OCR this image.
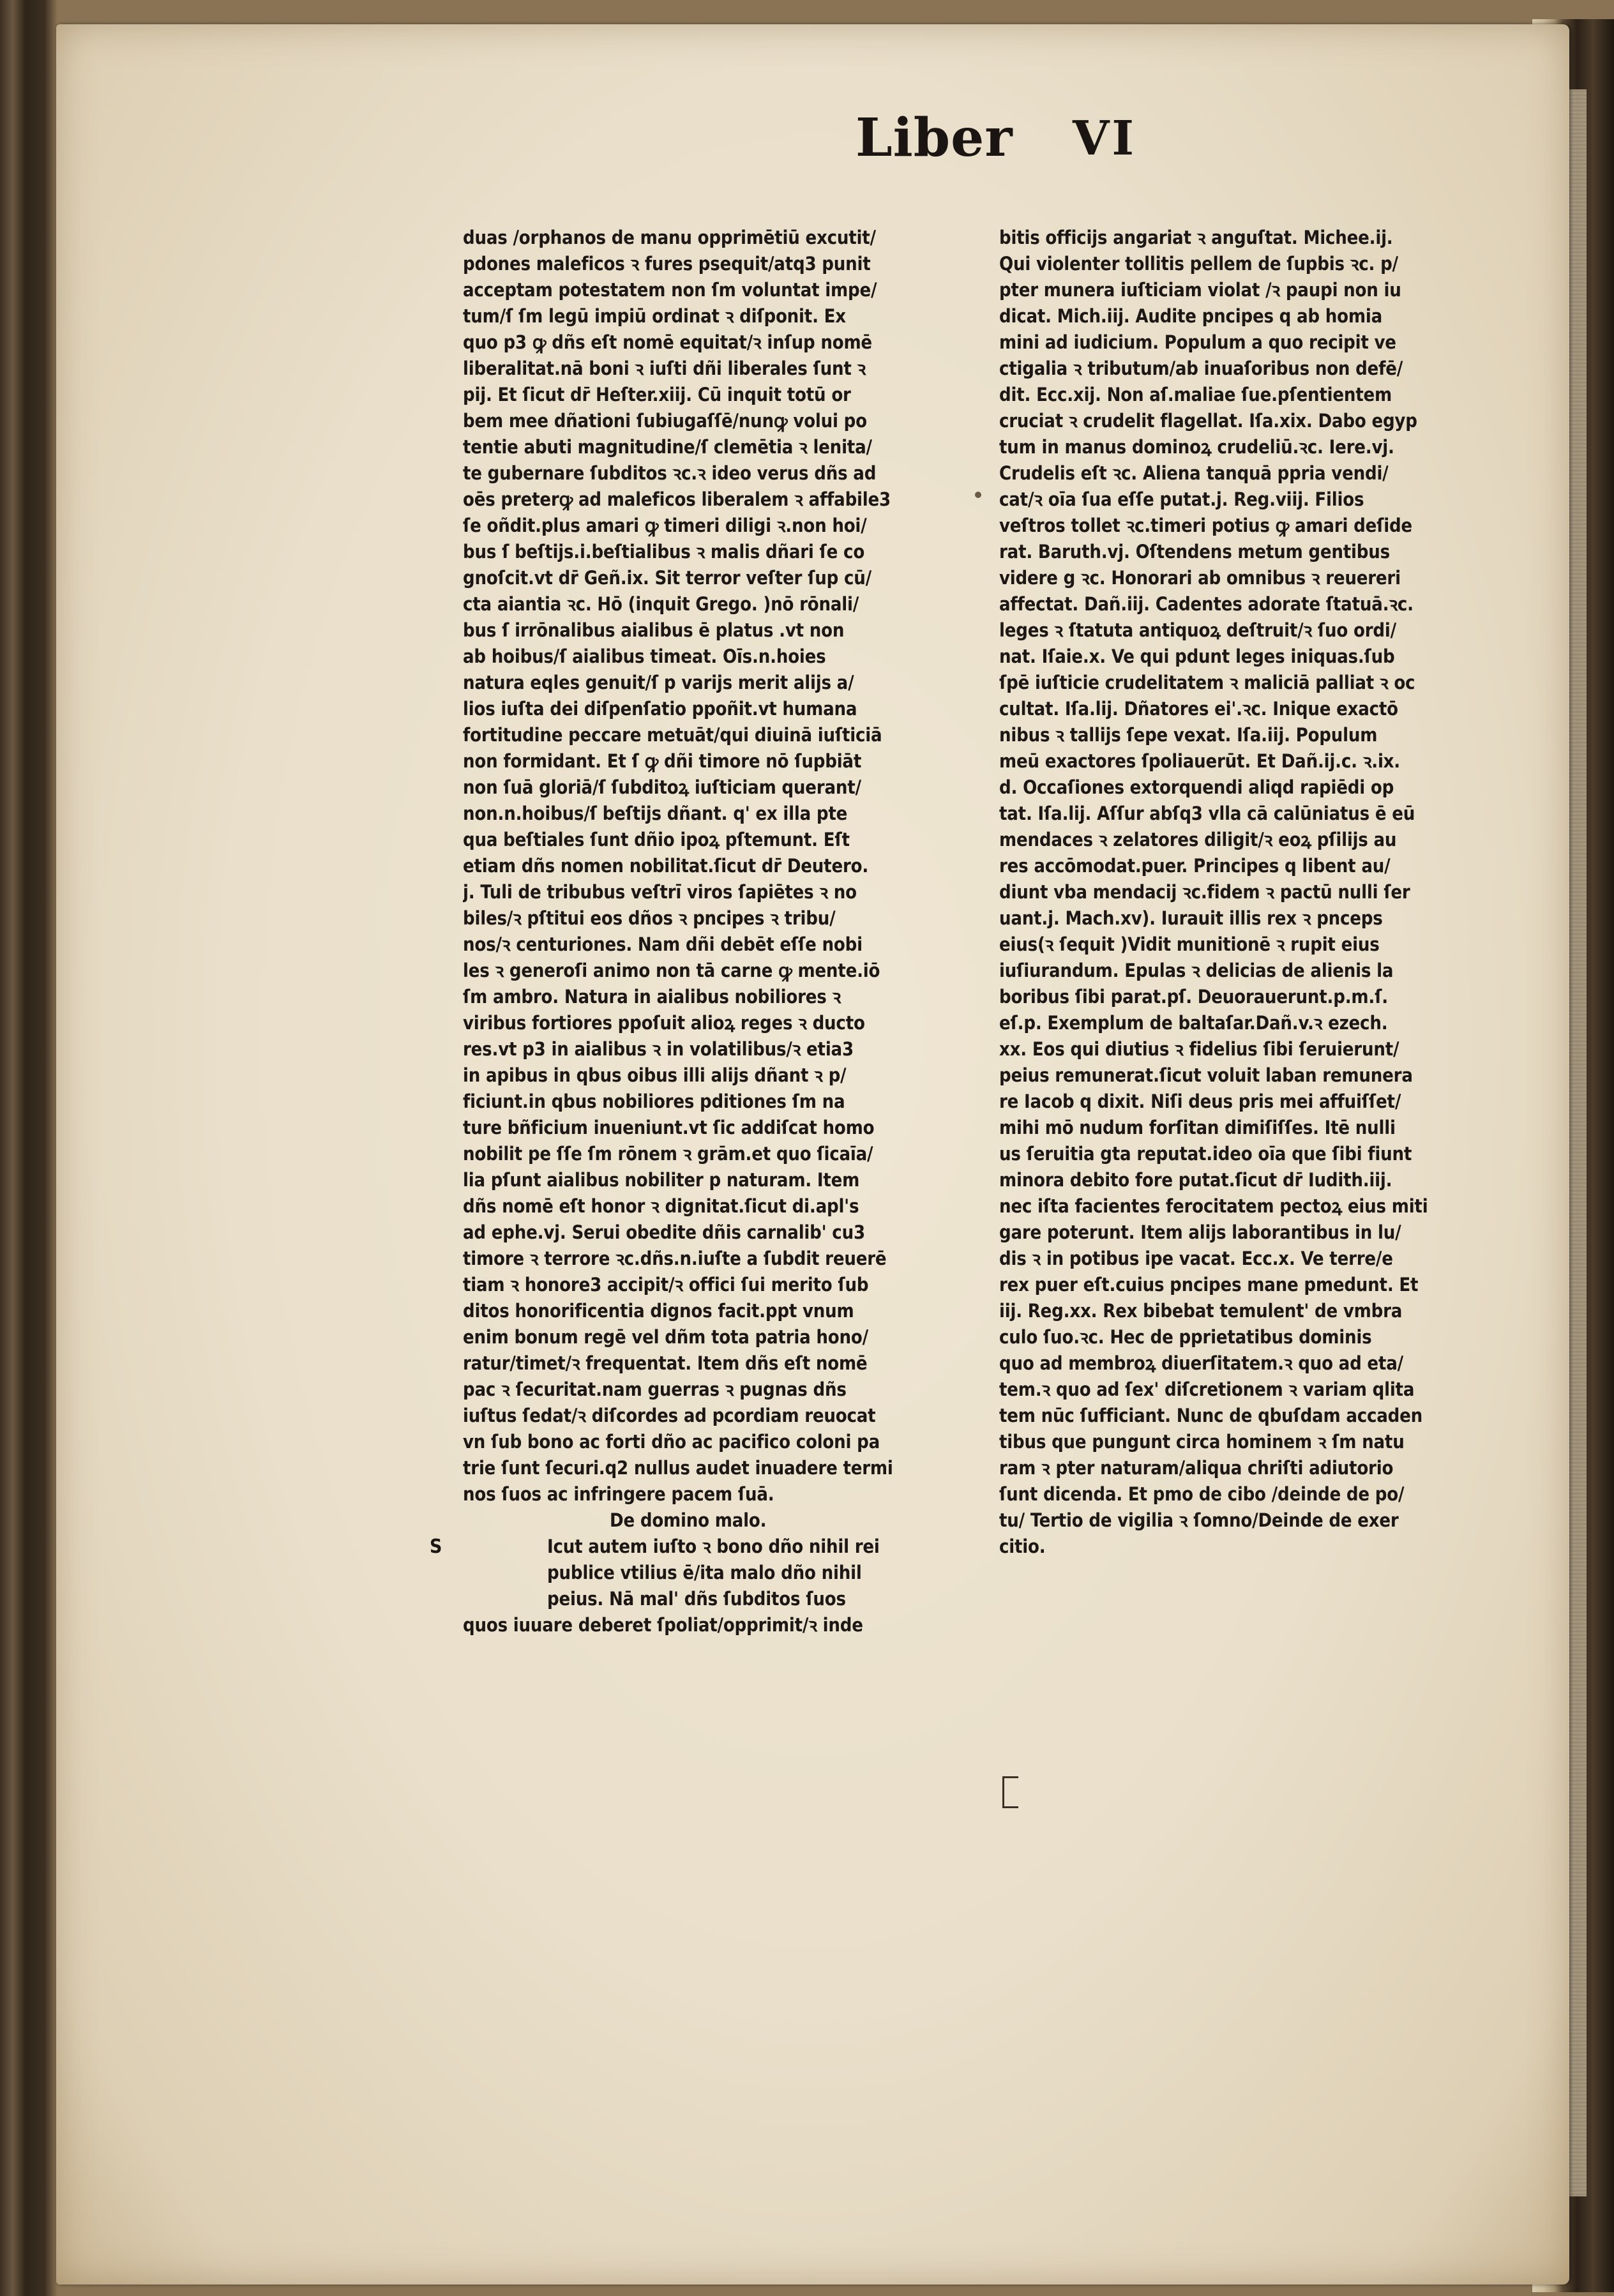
Liber VI
duas /orphanos de manu opprimētiū excutit/
pdones maleficos ꝛ fures psequit/atq3 punit
acceptam potestatem non ſm voluntat impe/
tum/ſ ſm legū impiū ordinat ꝛ diſponit. Ex
quo p3 ꝙ dñs eſt nomē equitat/ꝛ inſup nomē
liberalitat.nā boni ꝛ iuſti dñi liberales ſunt ꝛ
pij. Et ſicut dr̄ Heſter.xiij. Cū inquit totū or
bem mee dñationi ſubiugaſſē/nunꝙ volui po
tentie abuti magnitudine/ſ clemētia ꝛ lenita/
te gubernare ſubditos ꝛc.ꝛ ideo verus dñs ad
oēs preterꝙ ad maleficos liberalem ꝛ affabile3
ſe oñdit.plus amari ꝙ timeri diligi ꝛ.non hoi/
bus ſ beſtijs.i.beſtialibus ꝛ malis dñari ſe co
gnoſcit.vt dr̄ Geñ.ix. Sit terror veſter ſup cū/
cta aiantia ꝛc. Hō (inquit Grego. )nō rōnali/
bus ſ irrōnalibus aialibus ē platus .vt non
ab hoibus/ſ aialibus timeat. Oīs.n.hoies
natura eqles genuit/ſ p varijs merit alijs a/
lios iuſta dei diſpenſatio ppoñit.vt humana
fortitudine peccare metuāt/qui diuinā iuſticiā
non formidant. Et ſ ꝙ dñi timore nō ſupbiāt
non ſuā gloriā/ſ ſubditoꝝ iuſticiam querant/
non.n.hoibus/ſ beſtijs dñant. q' ex illa pte
qua beſtiales ſunt dñio ipoꝝ pſtemunt. Eſt
etiam dñs nomen nobilitat.ſicut dr̄ Deutero.
j. Tuli de tribubus veſtrī viros ſapiētes ꝛ no
biles/ꝛ pſtitui eos dños ꝛ pncipes ꝛ tribu/
nos/ꝛ centuriones. Nam dñi debēt eſſe nobi
les ꝛ generoſi animo non tā carne ꝙ mente.iō
ſm ambro. Natura in aialibus nobiliores ꝛ
viribus fortiores ppoſuit alioꝝ reges ꝛ ducto
res.vt p3 in aialibus ꝛ in volatilibus/ꝛ etia3
in apibus in qbus oibus illi alijs dñant ꝛ p/
ficiunt.in qbus nobiliores pditiones ſm na
ture bñficium inueniunt.vt ſic addiſcat homo
nobilit pe ſſe ſm rōnem ꝛ grām.et quo ſicaīa/
lia pſunt aialibus nobiliter p naturam. Item
dñs nomē eſt honor ꝛ dignitat.ſicut di.apl's
ad ephe.vj. Serui obedite dñis carnalib' cu3
timore ꝛ terrore ꝛc.dñs.n.iuſte a ſubdit reuerē
tiam ꝛ honore3 accipit/ꝛ offici ſui merito ſub
ditos honorificentia dignos facit.ppt vnum
enim bonum regē vel dñm tota patria hono/
ratur/timet/ꝛ frequentat. Item dñs eſt nomē
pac ꝛ ſecuritat.nam guerras ꝛ pugnas dñs
iuſtus ſedat/ꝛ diſcordes ad pcordiam reuocat
vn ſub bono ac forti dño ac pacifico coloni pa
trie ſunt ſecuri.q2 nullus audet inuadere termi
nos ſuos ac infringere pacem ſuā.
De domino malo.
S	Icut autem iuſto ꝛ bono dño nihil rei
publice vtilius ē/ita malo dño nihil
peius. Nā mal' dñs ſubditos ſuos
quos iuuare deberet ſpoliat/opprimit/ꝛ inde
bitis officijs angariat ꝛ anguſtat. Michee.ij.
Qui violenter tollitis pellem de ſupbis ꝛc. p/
pter munera iuſticiam violat /ꝛ paupi non iu
dicat. Mich.iij. Audite pncipes q ab homia
mini ad iudicium. Populum a quo recipit ve
ctigalia ꝛ tributum/ab inuaſoribus non defē/
dit. Ecc.xij. Non aſ.maliae ſue.pſentientem
cruciat ꝛ crudelit flagellat. Iſa.xix. Dabo egyp
tum in manus dominoꝝ crudeliū.ꝛc. Iere.vj.
Crudelis eſt ꝛc. Aliena tanquā ppria vendi/
cat/ꝛ oīa ſua eſſe putat.j. Reg.viij. Filios
veſtros tollet ꝛc.timeri potius ꝙ amari deſide
rat. Baruth.vj. Oſtendens metum gentibus
videre g ꝛc. Honorari ab omnibus ꝛ reuereri
affectat. Dañ.iij. Cadentes adorate ſtatuā.ꝛc.
leges ꝛ ſtatuta antiquoꝝ deſtruit/ꝛ ſuo ordi/
nat. Iſaie.x. Ve qui pdunt leges iniquas.ſub
ſpē iuſticie crudelitatem ꝛ maliciā palliat ꝛ oc
cultat. Iſa.lij. Dñatores ei'.ꝛc. Inique exactō
nibus ꝛ tallijs ſepe vexat. Iſa.iij. Populum
meū exactores ſpoliauerūt. Et Dañ.ij.c. ꝛ.ix.
d. Occaſiones extorquendi aliqd rapiēdi op
tat. Iſa.lij. Aſſur abſq3 vlla cā calūniatus ē eū
mendaces ꝛ zelatores diligit/ꝛ eoꝝ pſilijs au
res accōmodat.puer. Principes q libent au/
diunt vba mendacij ꝛc.fidem ꝛ pactū nulli ſer
uant.j. Mach.xv). Iurauit illis rex ꝛ pnceps
eius(ꝛ ſequit )Vidit munitionē ꝛ rupit eius
iuſiurandum. Epulas ꝛ delicias de alienis la
boribus ſibi parat.pſ. Deuorauerunt.p.m.ſ.
eſ.p. Exemplum de baltaſar.Dañ.v.ꝛ ezech.
xx. Eos qui diutius ꝛ fidelius ſibi ſeruierunt/
peius remunerat.ſicut voluit laban remunera
re Iacob q dixit. Niſi deus pris mei affuiſſet/
mihi mō nudum forſitan dimiſiſſes. Itē nulli
us ſeruitia gta reputat.ideo oīa que ſibi fiunt
minora debito fore putat.ſicut dr̄ Iudith.iij.
nec iſta facientes ferocitatem pectoꝝ eius miti
gare poterunt. Item alijs laborantibus in lu/
dis ꝛ in potibus ipe vacat. Ecc.x. Ve terre/e
rex puer eſt.cuius pncipes mane pmedunt. Et
iij. Reg.xx. Rex bibebat temulent' de vmbra
culo ſuo.ꝛc. Hec de pprietatibus dominis
quo ad membroꝝ diuerſitatem.ꝛ quo ad eta/
tem.ꝛ quo ad ſex' diſcretionem ꝛ variam qlita
tem nūc ſufficiant. Nunc de qbuſdam accaden
tibus que pungunt circa hominem ꝛ ſm natu
ram ꝛ pter naturam/aliqua chriſti adiutorio
ſunt dicenda. Et pmo de cibo /deinde de po/
tu/ Tertio de vigilia ꝛ ſomno/Deinde de exer
citio.
